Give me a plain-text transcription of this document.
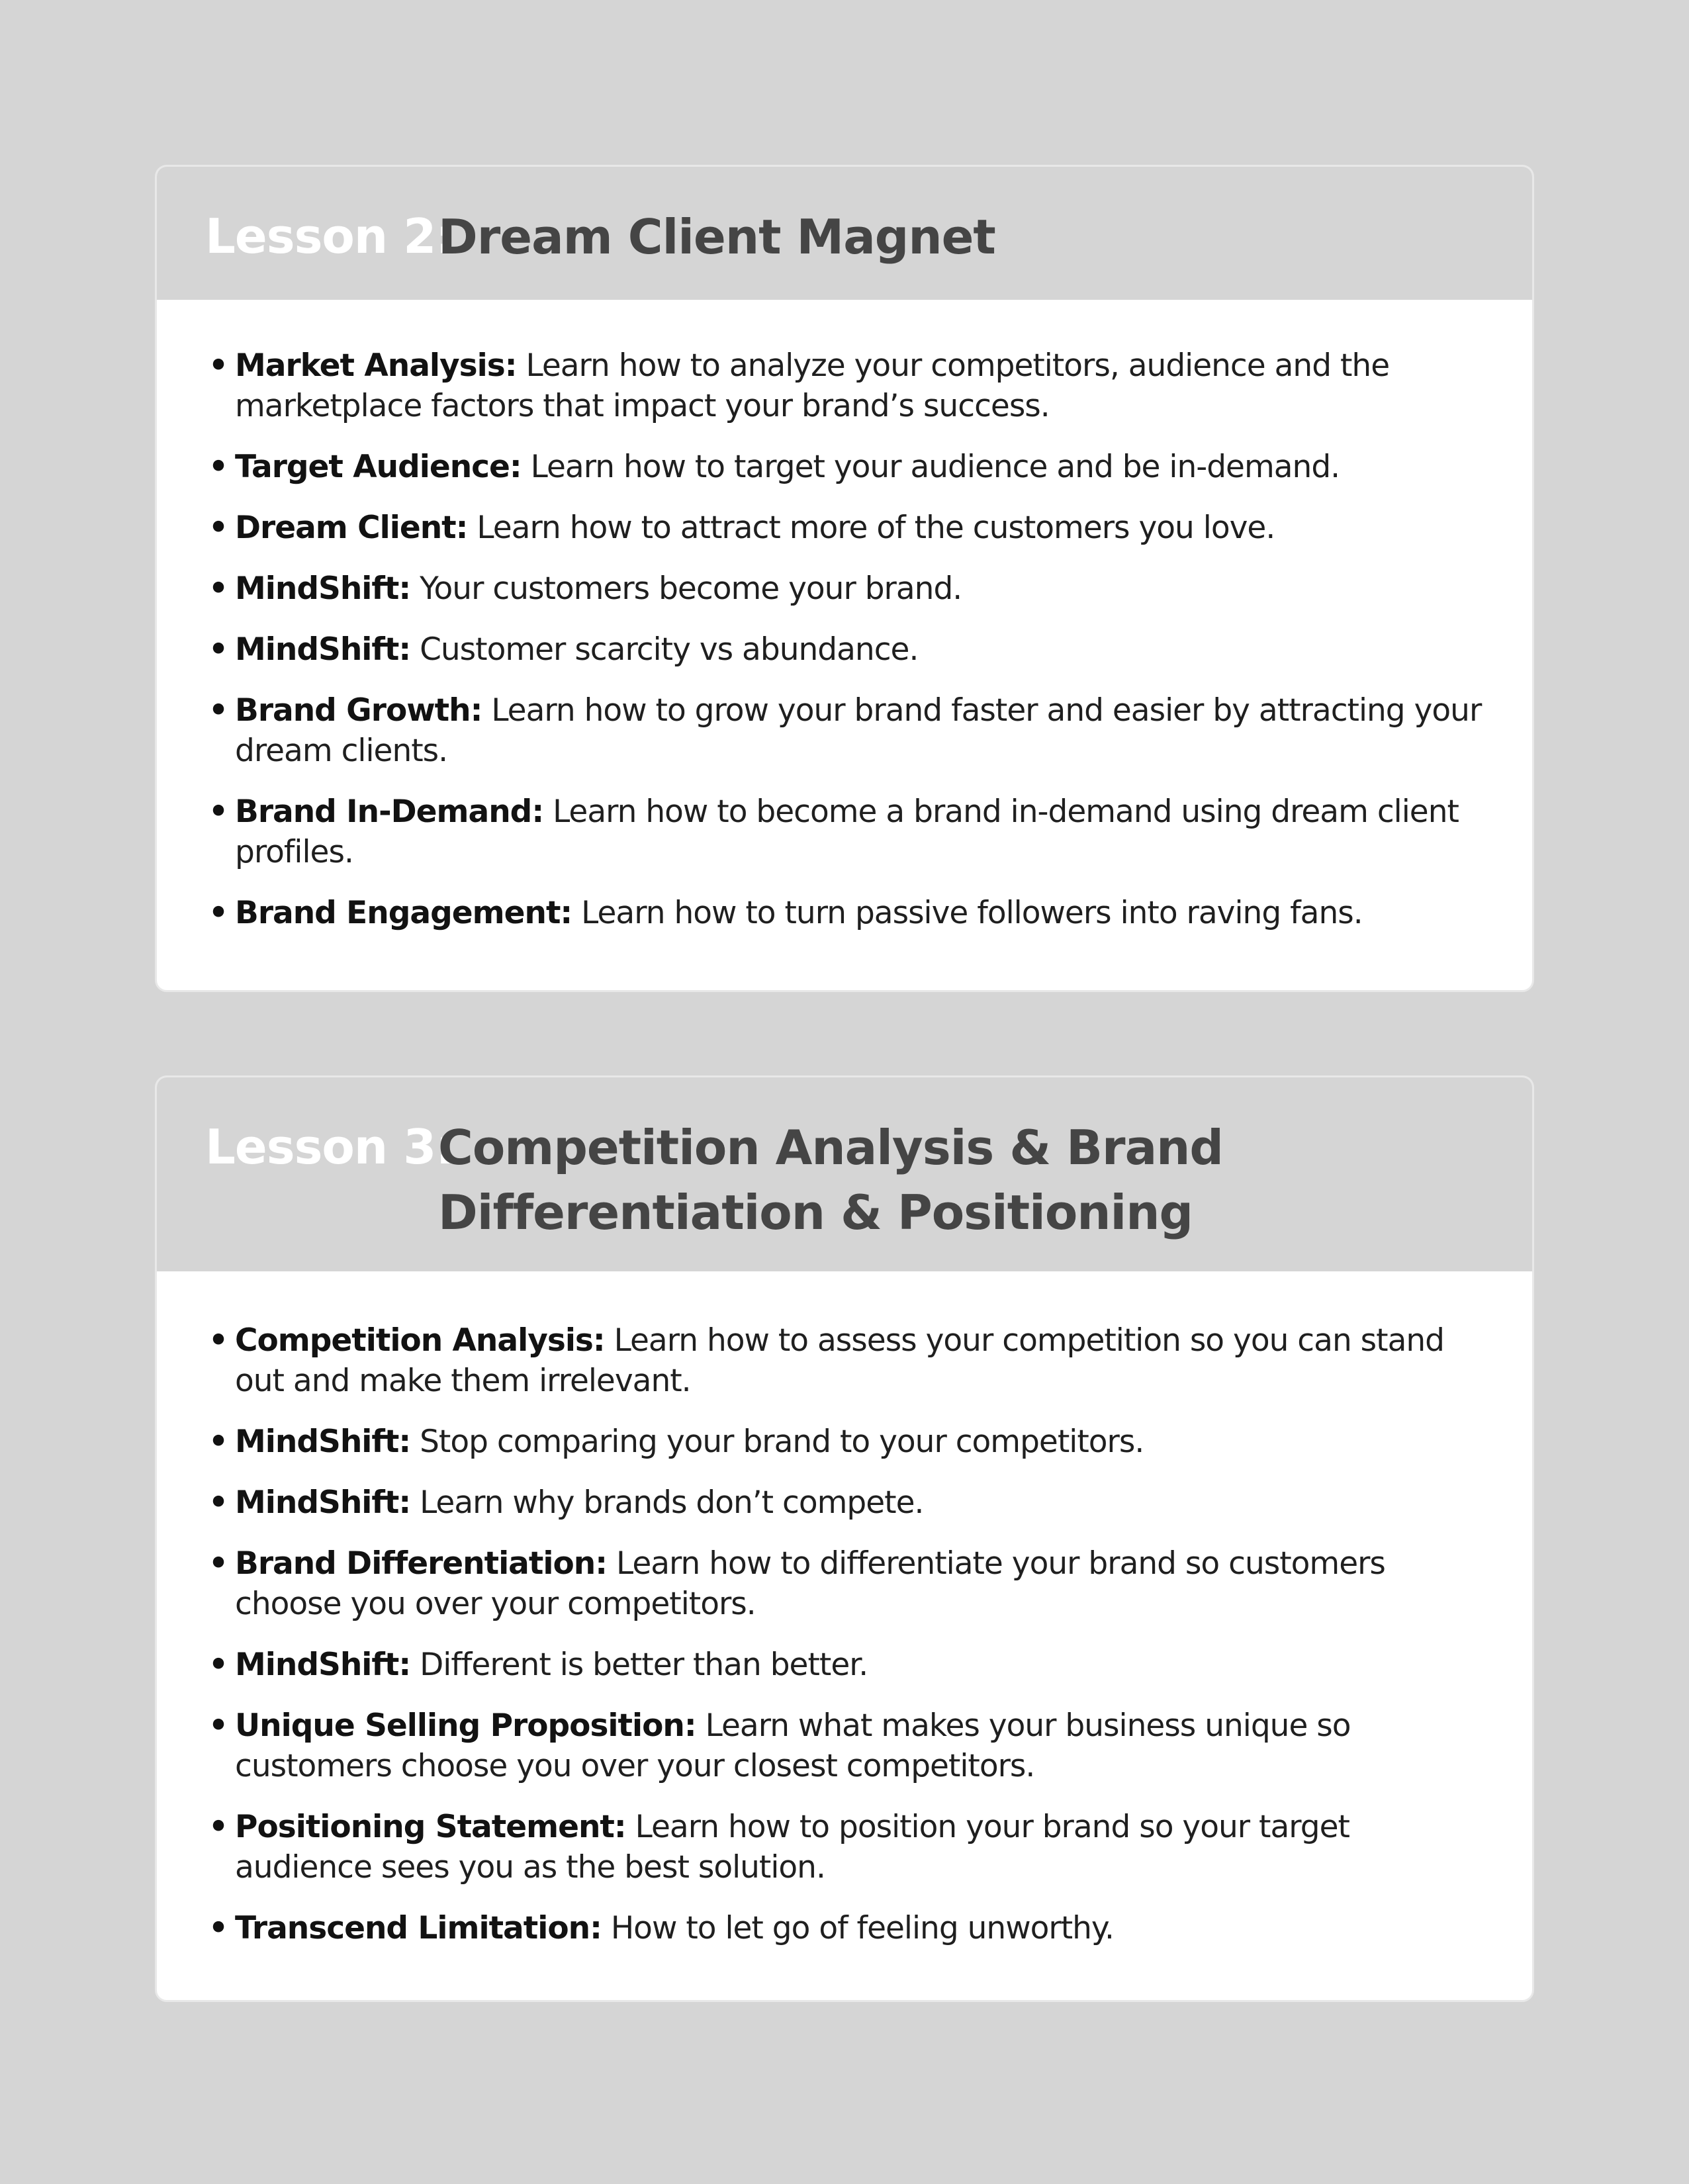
Lesson 2:
Dream Client Magnet
• Market Analysis: Learn how to analyze your competitors, audience and the marketplace factors that impact your brand’s success.
• Target Audience: Learn how to target your audience and be in-demand.
• Dream Client: Learn how to attract more of the customers you love.
• MindShift: Your customers become your brand.
• MindShift: Customer scarcity vs abundance.
• Brand Growth: Learn how to grow your brand faster and easier by attracting your dream clients.
• Brand In-Demand: Learn how to become a brand in-demand using dream client profiles.
• Brand Engagement: Learn how to turn passive followers into raving fans.
Lesson 3:
Competition Analysis & Brand
Differentiation & Positioning
• Competition Analysis: Learn how to assess your competition so you can stand out and make them irrelevant.
• MindShift: Stop comparing your brand to your competitors.
• MindShift: Learn why brands don’t compete.
• Brand Differentiation: Learn how to differentiate your brand so customers choose you over your competitors.
• MindShift: Different is better than better.
• Unique Selling Proposition: Learn what makes your business unique so customers choose you over your closest competitors.
• Positioning Statement: Learn how to position your brand so your target audience sees you as the best solution.
• Transcend Limitation: How to let go of feeling unworthy.
